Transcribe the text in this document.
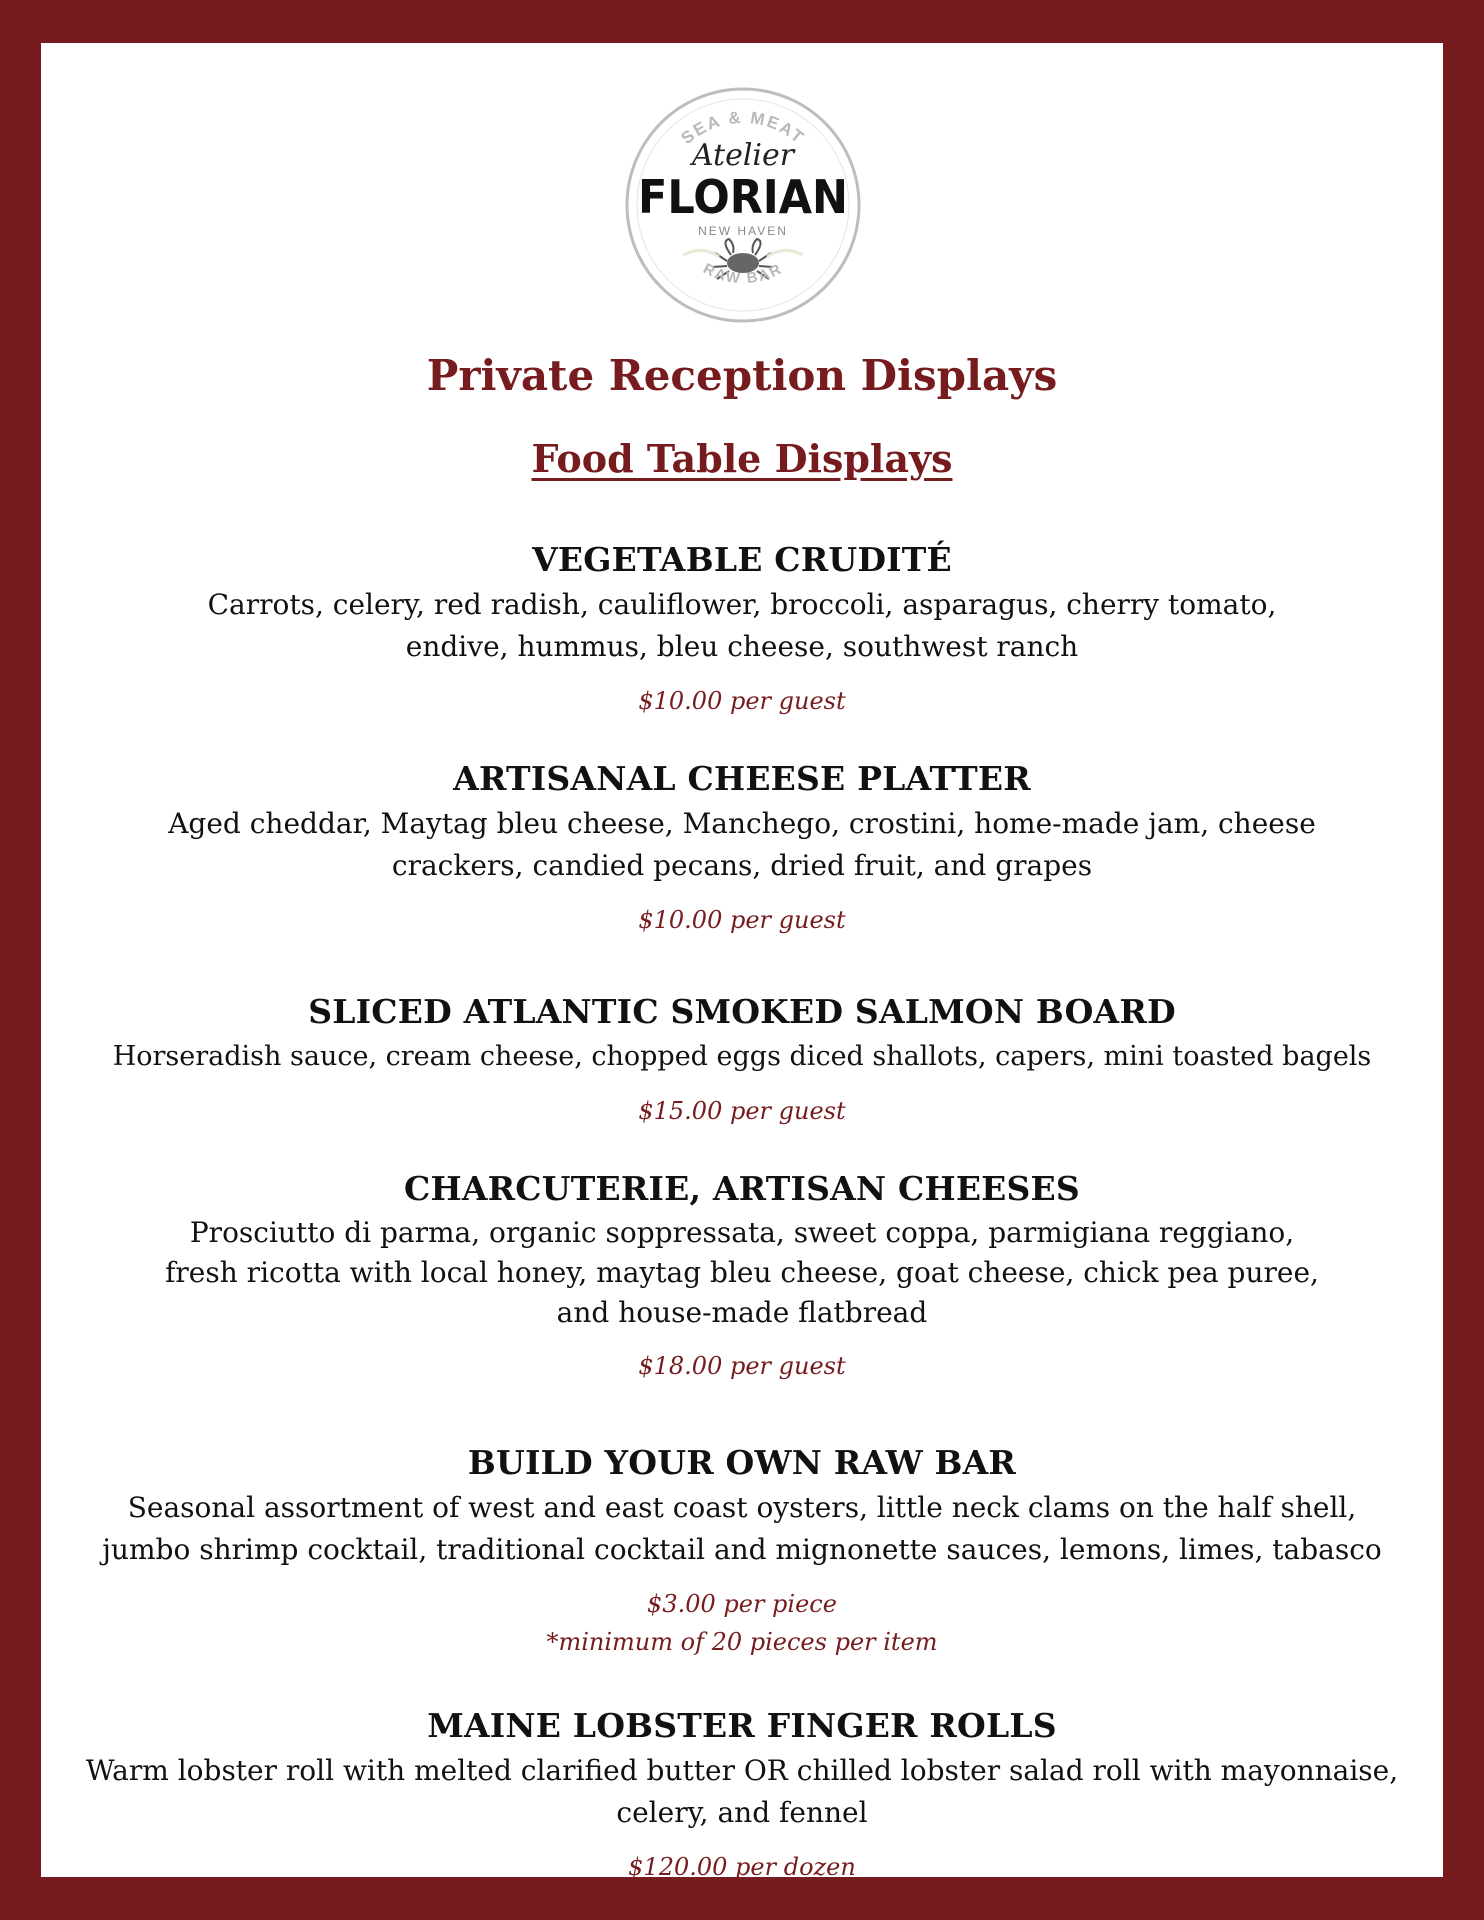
SEA & MEAT
Atelier
FLORIAN
NEW HAVEN
RAW BAR
Private Reception Displays
Food Table Displays
VEGETABLE CRUDITÉ
Carrots, celery, red radish, cauliflower, broccoli, asparagus, cherry tomato,
endive, hummus, bleu cheese, southwest ranch
$10.00 per guest
ARTISANAL CHEESE PLATTER
Aged cheddar, Maytag bleu cheese, Manchego, crostini, home-made jam, cheese
crackers, candied pecans, dried fruit, and grapes
$10.00 per guest
SLICED ATLANTIC SMOKED SALMON BOARD
Horseradish sauce, cream cheese, chopped eggs diced shallots, capers, mini toasted bagels
$15.00 per guest
CHARCUTERIE, ARTISAN CHEESES
Prosciutto di parma, organic soppressata, sweet coppa, parmigiana reggiano,
fresh ricotta with local honey, maytag bleu cheese, goat cheese, chick pea puree,
and house-made flatbread
$18.00 per guest
BUILD YOUR OWN RAW BAR
Seasonal assortment of west and east coast oysters, little neck clams on the half shell,
jumbo shrimp cocktail, traditional cocktail and mignonette sauces, lemons, limes, tabasco
$3.00 per piece
*minimum of 20 pieces per item
MAINE LOBSTER FINGER ROLLS
Warm lobster roll with melted clarified butter OR chilled lobster salad roll with mayonnaise,
celery, and fennel
$120.00 per dozen
